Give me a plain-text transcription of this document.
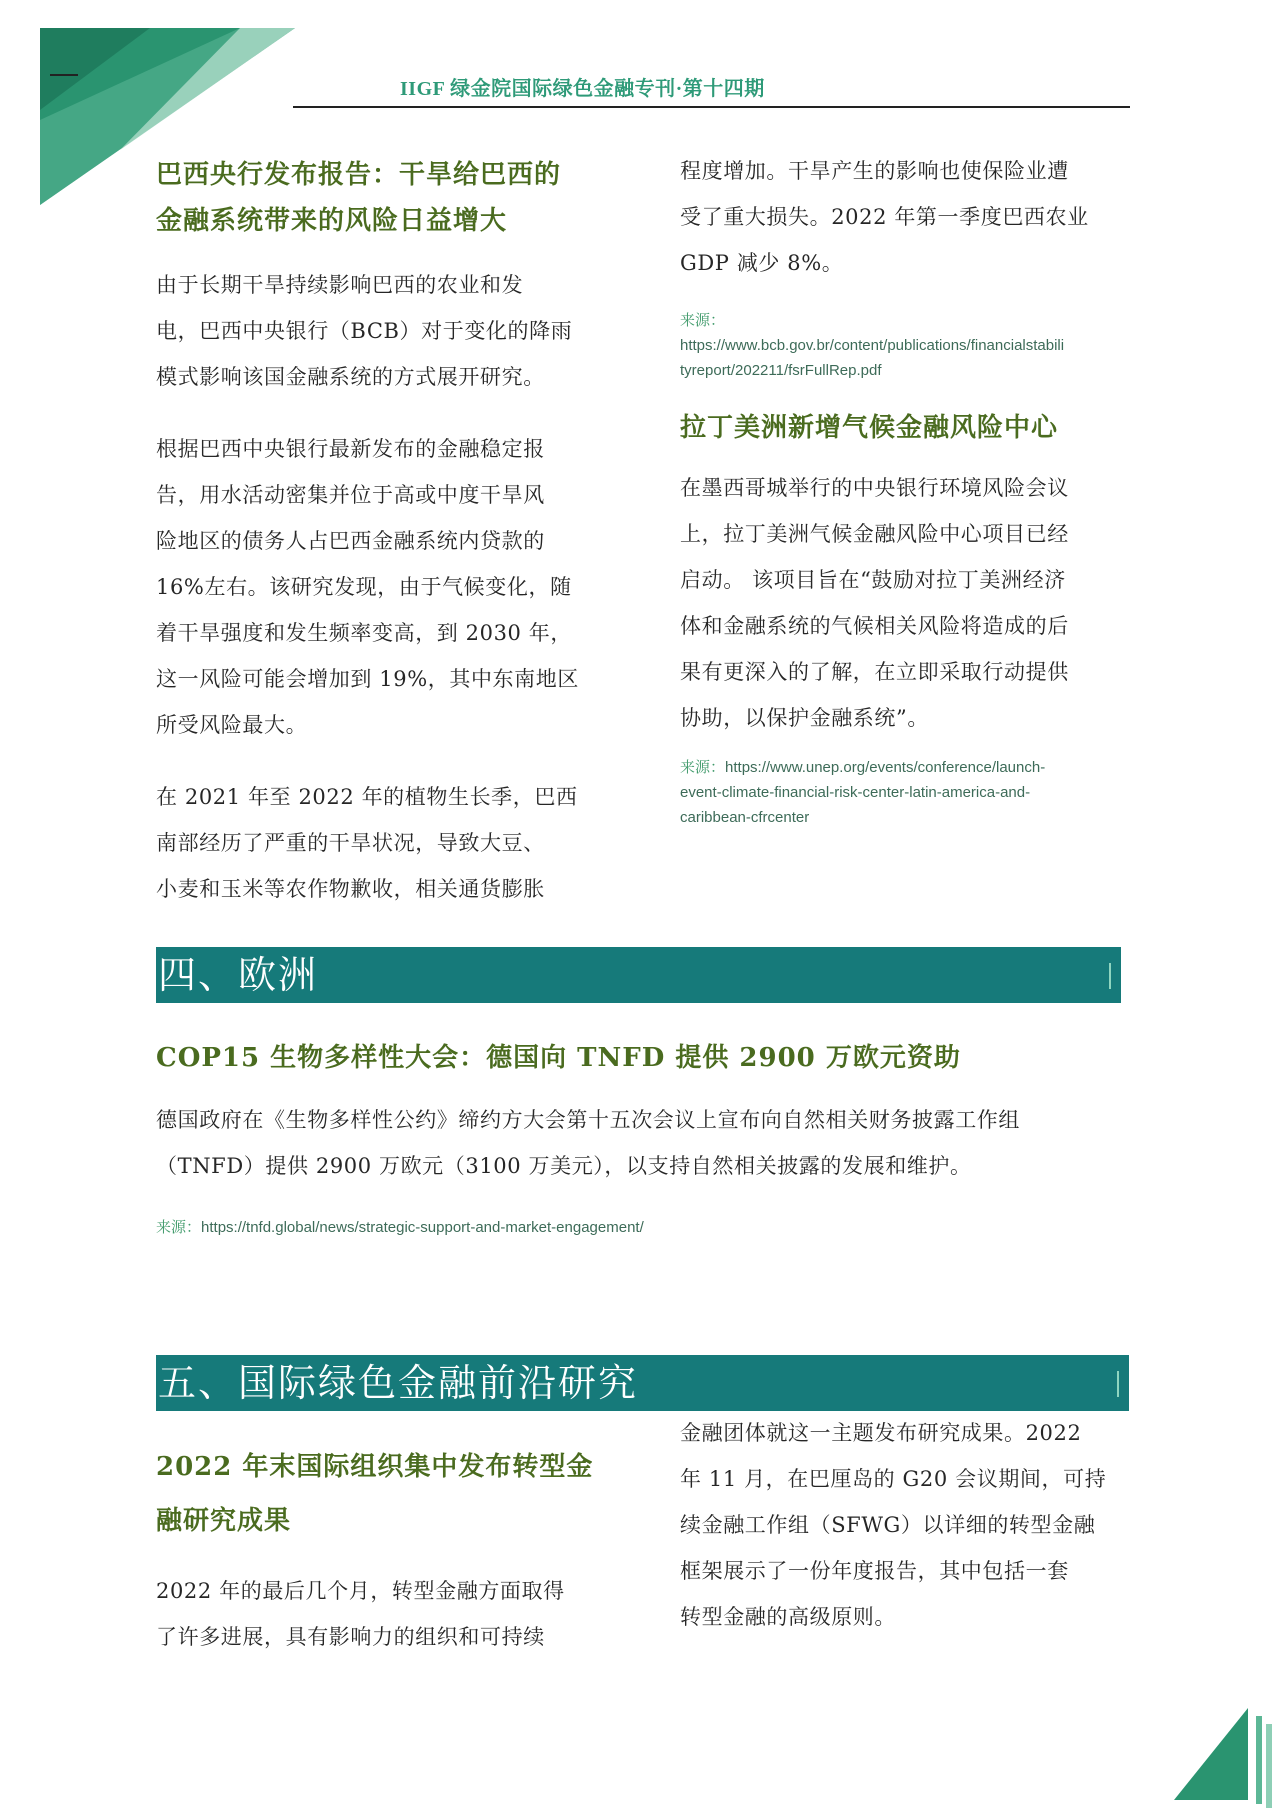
IIGF 绿金院国际绿色金融专刊·第十四期
巴西央行发布报告：干旱给巴西的
金融系统带来的风险日益增大
由于长期干旱持续影响巴西的农业和发
电，巴西中央银行（BCB）对于变化的降雨
模式影响该国金融系统的方式展开研究。
根据巴西中央银行最新发布的金融稳定报
告，用水活动密集并位于高或中度干旱风
险地区的债务人占巴西金融系统内贷款的
16%左右。该研究发现，由于气候变化，随
着干旱强度和发生频率变高，到 2030 年，
这一风险可能会增加到 19%，其中东南地区
所受风险最大。
在 2021 年至 2022 年的植物生长季，巴西
南部经历了严重的干旱状况，导致大豆、
小麦和玉米等农作物歉收，相关通货膨胀
程度增加。干旱产生的影响也使保险业遭
受了重大损失。2022 年第一季度巴西农业
GDP 减少 8%。
来源：
https://www.bcb.gov.br/content/publications/financialstabili
tyreport/202211/fsrFullRep.pdf
拉丁美洲新增气候金融风险中心
在墨西哥城举行的中央银行环境风险会议
上，拉丁美洲气候金融风险中心项目已经
启动。 该项目旨在“鼓励对拉丁美洲经济
体和金融系统的气候相关风险将造成的后
果有更深入的了解，在立即采取行动提供
协助，以保护金融系统”。
来源：https://www.unep.org/events/conference/launch-
event-climate-financial-risk-center-latin-america-and-
caribbean-cfrcenter
四、欧洲
COP15 生物多样性大会：德国向 TNFD 提供 2900 万欧元资助
德国政府在《生物多样性公约》缔约方大会第十五次会议上宣布向自然相关财务披露工作组
（TNFD）提供 2900 万欧元（3100 万美元），以支持自然相关披露的发展和维护。
来源：https://tnfd.global/news/strategic-support-and-market-engagement/
五、国际绿色金融前沿研究
2022 年末国际组织集中发布转型金
融研究成果
2022 年的最后几个月，转型金融方面取得
了许多进展，具有影响力的组织和可持续
金融团体就这一主题发布研究成果。2022
年 11 月，在巴厘岛的 G20 会议期间，可持
续金融工作组（SFWG）以详细的转型金融
框架展示了一份年度报告，其中包括一套
转型金融的高级原则。
